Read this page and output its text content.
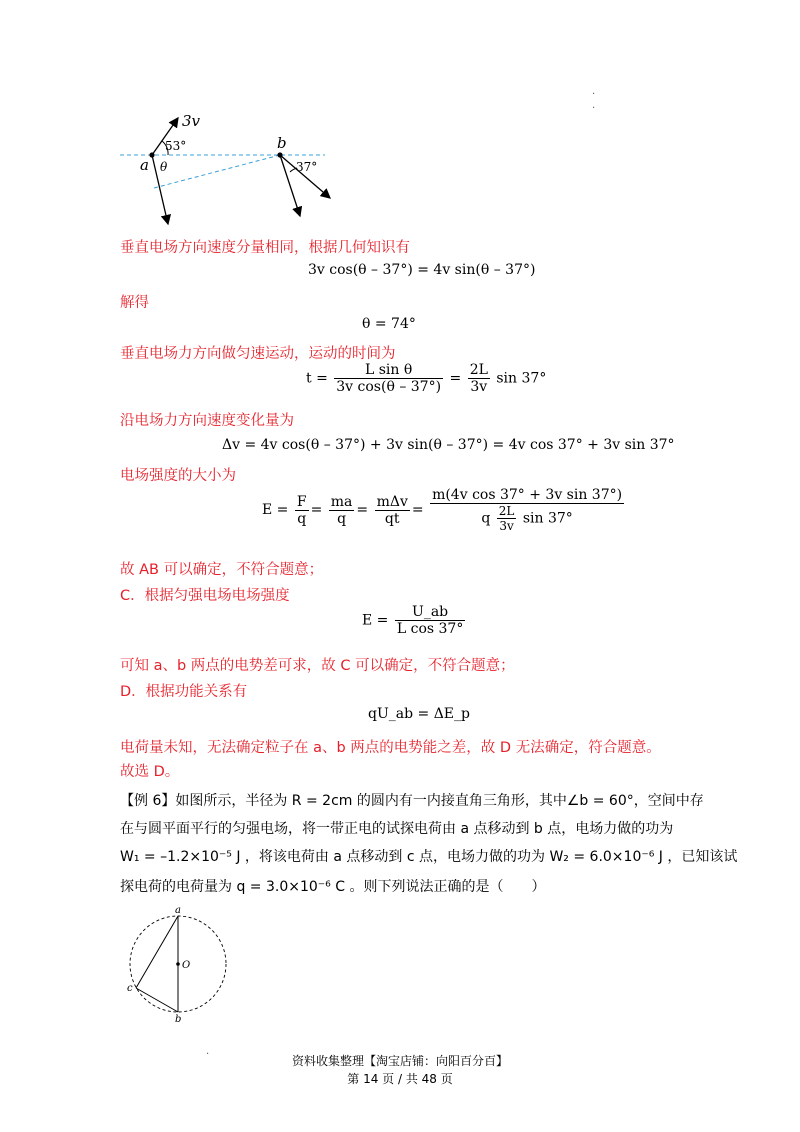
.
.
3v
53°
a θ
b
37°
垂直电场方向速度分量相同，根据几何知识有
3v cos(θ – 37°) = 4v sin(θ – 37°)
解得
θ = 74°
垂直电场力方向做匀速运动，运动的时间为
$t = \frac{\text{L sin θ}}{\text{3v cos(θ – 37°)}} = \frac{2L}{3v}$ sin 37°
沿电场力方向速度变化量为
Δv = 4v cos(θ – 37°) + 3v sin(θ – 37°) = 4v cos 37° + 3v sin 37°
电场强度的大小为
$E = \frac{F}{q} = \frac{ma}{q} = \frac{\text{mΔv}}{qt}$ =
m(4v cos 37° + 3v sin 37°)
q $\frac{2L}{3v}$ sin 37°
故 AB 可以确定，不符合题意；
C．根据匀强电场电场强度
$E = \frac{U\_ab}{\text{L cos 37°}}$
可知 a、b 两点的电势差可求，故 C 可以确定，不符合题意；
D．根据功能关系有
qU_ab = ΔE_p
电荷量未知，无法确定粒子在 a、b 两点的电势能之差，故 D 无法确定，符合题意。
故选 D。
【例 6】如图所示，半径为 R = 2cm 的圆内有一内接直角三角形，其中∠b = 60°，空间中存
在与圆平面平行的匀强电场，将一带正电的试探电荷由 a 点移动到 b 点，电场力做的功为
W₁ = –1.2×10⁻⁵ J ，将该电荷由 a 点移动到 c 点，电场力做的功为 W₂ = 6.0×10⁻⁶ J ，已知该试
探电荷的电荷量为 q = 3.0×10⁻⁶ C 。则下列说法正确的是（　　）
a
O
c
b
.
资料收集整理【淘宝店铺：向阳百分百】
第 14 页 / 共 48 页
